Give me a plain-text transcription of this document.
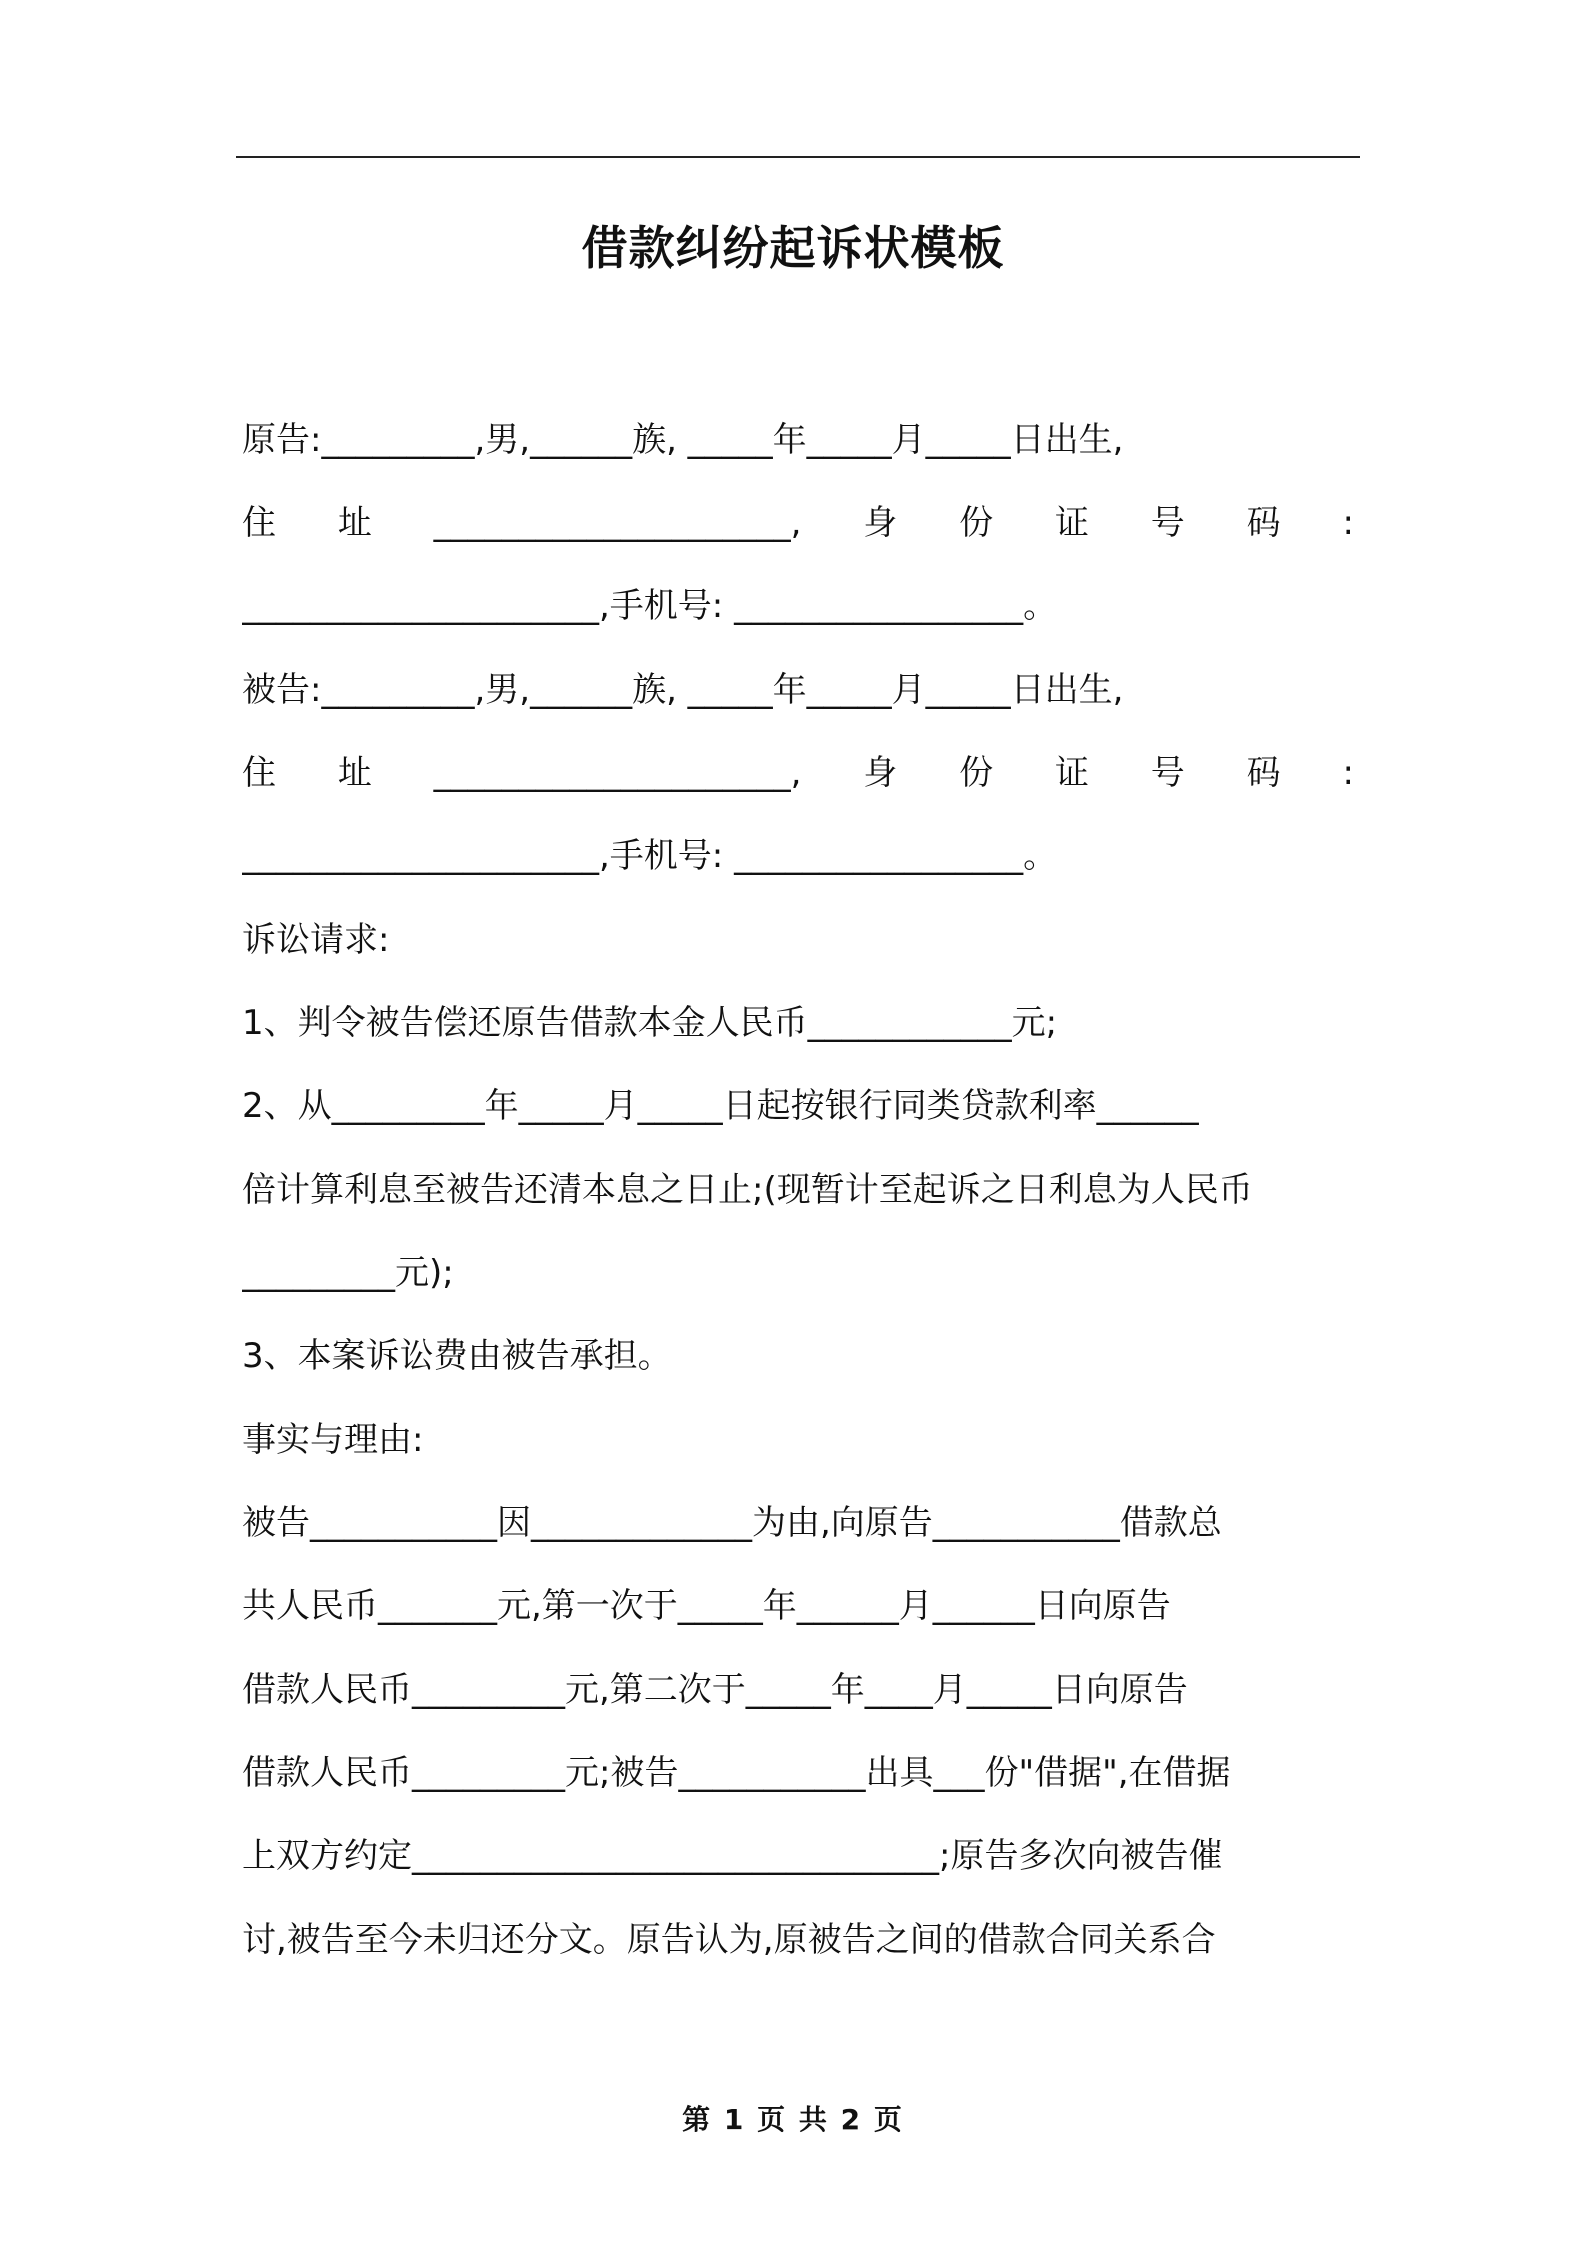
借款纠纷起诉状模板
原告:_________,男,______族, _____年_____月_____日出生,
住 址 _____________________, 身 份 证 号 码 :
_____________________,手机号: _________________。
被告:_________,男,______族, _____年_____月_____日出生,
住 址 _____________________, 身 份 证 号 码 :
_____________________,手机号: _________________。
诉讼请求:
1、判令被告偿还原告借款本金人民币____________元;
2、从_________年_____月_____日起按银行同类贷款利率______
倍计算利息至被告还清本息之日止;(现暂计至起诉之日利息为人民币
_________元);
3、本案诉讼费由被告承担。
事实与理由:
被告___________因_____________为由,向原告___________借款总
共人民币_______元,第一次于_____年______月______日向原告
借款人民币_________元,第二次于_____年____月_____日向原告
借款人民币_________元;被告___________出具___份"借据",在借据
上双方约定_______________________________;原告多次向被告催
讨,被告至今未归还分文。原告认为,原被告之间的借款合同关系合
第 1 页 共 2 页
